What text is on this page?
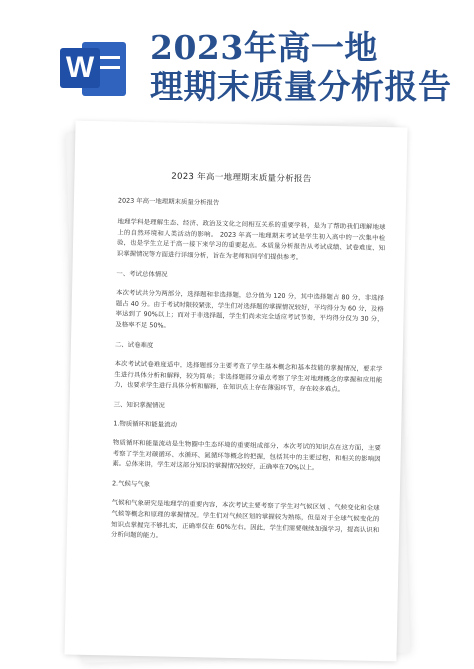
W
2023年高一地
理期末质量分析报告
2023 年高一地理期末质量分析报告
2023 年高一地理期末质量分析报告
地理学科是理解生态、经济、政治及文化之间相互关系的重要学科，是为了帮助我们理解地球上的自然环境和人类活动的影响。 2023 年高一地理期末考试是学生初入高中的一次集中检验，也是学生立足于高一接下来学习的重要起点。本质量分析报告从考试成绩、试卷难度、知识掌握情况等方面进行详细分析，旨在为老师和同学们提供参考。
一、考试总体情况
本次考试共分为两部分，选择题和非选择题，总分值为 120 分，其中选择题占 80 分，非选择题占 40 分。由于考试时限较紧张，学生们对选择题的掌握情况较好，平均得分为 60 分，及格率达到了 90%以上；而对于非选择题，学生们尚未完全适应考试节奏，平均得分仅为 30 分，及格率不足 50%。
二、试卷难度
本次考试试卷难度适中，选择题部分主要考查了学生基本概念和基本技能的掌握情况，要求学生进行具体分析和解释，较为简单；非选择题部分重点考察了学生对地理概念的掌握和应用能力，也要求学生进行具体分析和解释，在知识点上存在薄弱环节，存在较多难点。
三、知识掌握情况
1.物质循环和能量流动
物质循环和能量流动是生物圈中生态环境的重要组成部分，本次考试的知识点在这方面，主要考察了学生对碳循环、水循环、氮循环等概念的把握，包括其中的主要过程，和相关的影响因素。总体来讲，学生对这部分知识的掌握情况较好，正确率在70%以上。
2.气候与气象
气候和气象研究是地理学的重要内容，本次考试主要考察了学生对气候区划 、气候变化和全球气候等概念和原理的掌握情况。学生们对气候区划的掌握较为熟练，但是对于全球气候变化的知识点掌握完不够扎实，正确率仅在 60%左右。因此，学生们需要继续加强学习，提高认识和分析问题的能力。
